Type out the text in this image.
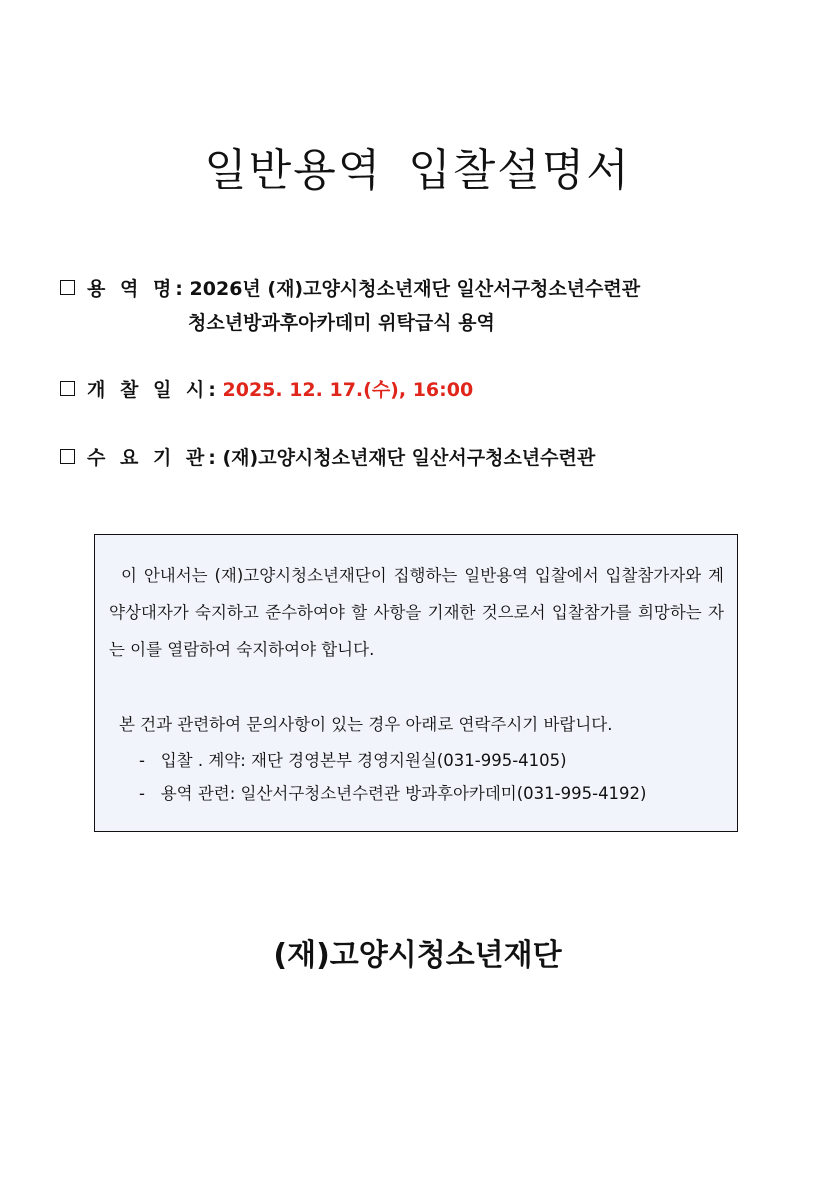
일반용역 입찰설명서
용 역 명: 2026년 (재)고양시청소년재단 일산서구청소년수련관
청소년방과후아카데미 위탁급식 용역
개 찰 일 시: 2025. 12. 17.(수), 16:00
수 요 기 관: (재)고양시청소년재단 일산서구청소년수련관

이 안내서는 (재)고양시청소년재단이 집행하는 일반용역 입찰에서 입찰참가자와 계약상대자가 숙지하고 준수하여야 할 사항을 기재한 것으로서 입찰참가를 희망하는 자는 이를 열람하여 숙지하여야 합니다.

본 건과 관련하여 문의사항이 있는 경우 아래로 연락주시기 바랍니다.
- 입찰 . 계약: 재단 경영본부 경영지원실(031-995-4105)
- 용역 관련: 일산서구청소년수련관 방과후아카데미(031-995-4192)
(재)고양시청소년재단
